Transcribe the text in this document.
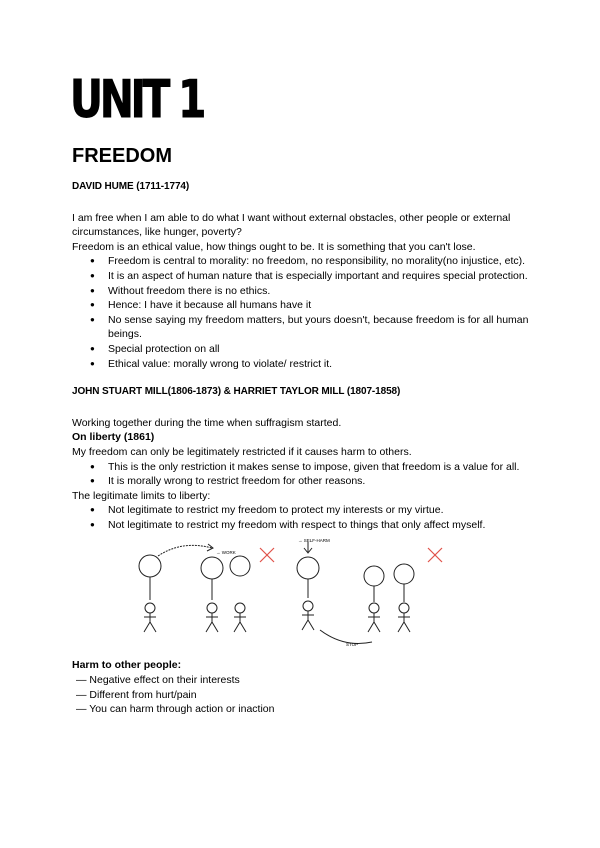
UNIT 1
FREEDOM

DAVID HUME (1711-1774)

I am free when I am able to do what I want without external obstacles, other people or external circumstances, like hunger, poverty?

Freedom is an ethical value, how things ought to be. It is something that you can't lose.

● Freedom is central to morality: no freedom, no responsibility, no morality(no injustice, etc).
● It is an aspect of human nature that is especially important and requires special protection.
● Without freedom there is no ethics.
● Hence: I have it because all humans have it
● No sense saying my freedom matters, but yours doesn't, because freedom is for all human beings.
● Special protection on all
● Ethical value: morally wrong to violate/ restrict it.

JOHN STUART MILL(1806-1873) & HARRIET TAYLOR MILL (1807-1858)

Working together during the time when suffragism started.

On liberty (1861)

My freedom can only be legitimately restricted if it causes harm to others.

● This is the only restriction it makes sense to impose, given that freedom is a value for all.
● It is morally wrong to restrict freedom for other reasons.

The legitimate limits to liberty:

● Not legitimate to restrict my freedom to protect my interests or my virtue.
● Not legitimate to restrict my freedom with respect to things that only affect myself.
→ WORK
→ SELF-HARM
STOP

Harm to other people:

— Negative effect on their interests
— Different from hurt/pain
— You can harm through action or inaction
